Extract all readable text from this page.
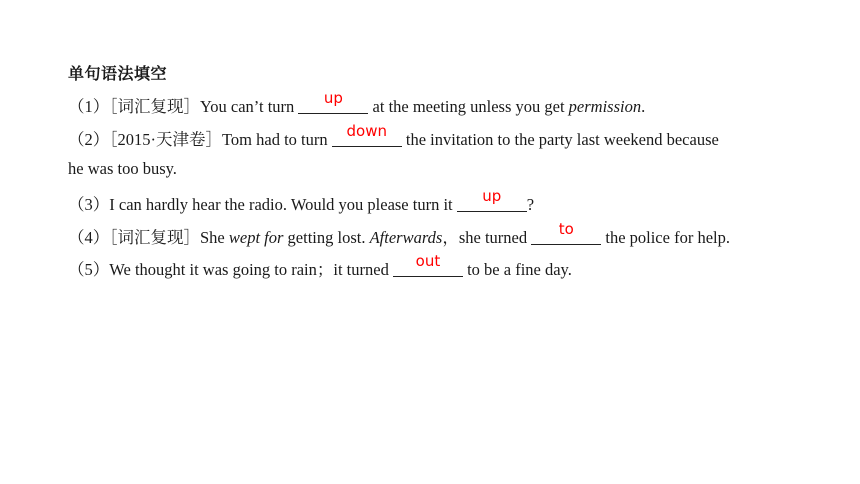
单句语法填空
（1）［词汇复现］You can’t turn	up	at the meeting unless you get permission.
（2）［2015·天津卷］Tom had to turn down the invitation to the party last weekend because
he was too busy.
（3）I can hardly hear the radio. Would you please turn it	up	?
（4）［词汇复现］She wept for getting lost. Afterwards，she turned	to	the police for help.
（5）We thought it was going to rain；it turned	out	to be a fine day.
